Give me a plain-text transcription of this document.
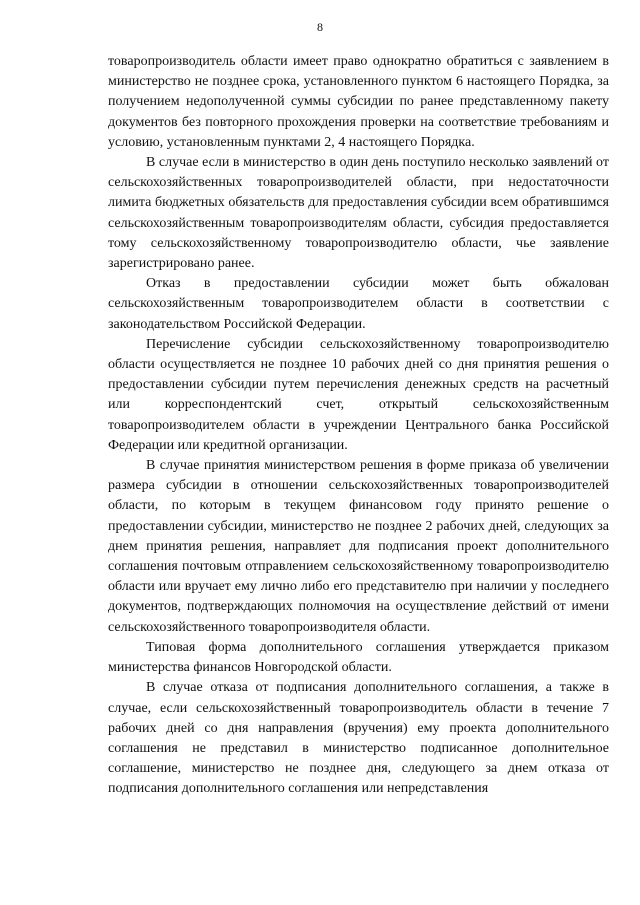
8

товаропроизводитель области имеет право однократно обратиться с заявлением в министерство не позднее срока, установленного пунктом 6 настоящего Порядка, за получением недополученной суммы субсидии по ранее представленному пакету документов без повторного прохождения проверки на соответствие требованиям и условию, установленным пунктами 2, 4 настоящего Порядка.

В случае если в министерство в один день поступило несколько заявлений от сельскохозяйственных товаропроизводителей области, при недостаточности лимита бюджетных обязательств для предоставления субсидии всем обратившимся сельскохозяйственным товаропроизводителям области, субсидия предоставляется тому сельскохозяйственному товаропроизводителю области, чье заявление зарегистрировано ранее.

Отказ в предоставлении субсидии может быть обжалован сельскохозяйственным товаропроизводителем области в соответствии с законодательством Российской Федерации.

Перечисление субсидии сельскохозяйственному товаропроизводителю области осуществляется не позднее 10 рабочих дней со дня принятия решения о предоставлении субсидии путем перечисления денежных средств на расчетный или корреспондентский счет, открытый сельскохозяйственным товаропроизводителем области в учреждении Центрального банка Российской Федерации или кредитной организации.

В случае принятия министерством решения в форме приказа об увеличении размера субсидии в отношении сельскохозяйственных товаропроизводителей области, по которым в текущем финансовом году принято решение о предоставлении субсидии, министерство не позднее 2 рабочих дней, следующих за днем принятия решения, направляет для подписания проект дополнительного соглашения почтовым отправлением сельскохозяйственному товаропроизводителю области или вручает ему лично либо его представителю при наличии у последнего документов, подтверждающих полномочия на осуществление действий от имени сельскохозяйственного товаропроизводителя области.

Типовая форма дополнительного соглашения утверждается приказом министерства финансов Новгородской области.

В случае отказа от подписания дополнительного соглашения, а также в случае, если сельскохозяйственный товаропроизводитель области в течение 7 рабочих дней со дня направления (вручения) ему проекта дополнительного соглашения не представил в министерство подписанное дополнительное соглашение, министерство не позднее дня, следующего за днем отказа от подписания дополнительного соглашения или непредставления
